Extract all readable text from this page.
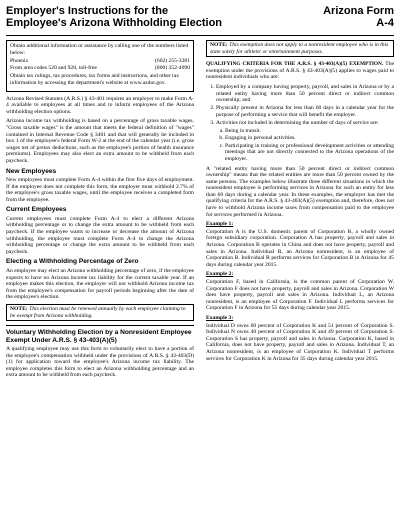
Employer's Instructions for the
Employee's Arizona Withholding Election
Arizona Form
A-4

Obtain additional information or assistance by calling one of the numbers listed below:

Phoenix	(602) 255-3381
From area codes 520 and 928, toll-free	(800) 352-4090

Obtain tax rulings, tax procedures, tax forms and instructions, and other tax information by accessing the department's website at www.azdor.gov.

Arizona Revised Statutes (A.R.S.) § 43-401 requires an employer to make Form A-4 available to employees at all times and to inform employees of the Arizona withholding election options.

Arizona income tax withholding is based on a percentage of gross taxable wages. "Gross taxable wages" is the amount that meets the federal definition of "wages" contained in Internal Revenue Code § 3401 and that will generally be included in box 1 of the employee's federal Form W-2 at the end of the calendar year (i.e. gross wages net of pretax deductions, such as the employee's portion of health insurance premiums). Employees may also elect an extra amount to be withheld from each paycheck.

New Employees

New employees must complete Form A-4 within the first five days of employment. If the employee does not complete this form, the employer must withhold 2.7% of the employee's gross taxable wages, until the employee receives a completed form from the employee.

Current Employees

Current employees must complete Form A-4 to elect a different Arizona withholding percentage or to change the extra amount to be withheld from each paycheck. If the employee wants to increase or decrease the amount of Arizona withholding, the employee must complete Form A-4 to change the Arizona withholding percentage or change the extra amount to be withheld from each paycheck.

Electing a Withholding Percentage of Zero

An employee may elect an Arizona withholding percentage of zero, if the employee expects to have no Arizona income tax liability for the current taxable year. If an employee makes this election, the employer will not withhold Arizona income tax from the employee's compensation for payroll periods beginning after the date of the employee's election.

NOTE: This election must be renewed annually by each employee claiming to be exempt from Arizona withholding.
Voluntary Withholding Election by a Nonresident Employee Exempt Under A.R.S. § 43-403(A)(5)

A qualifying employee may use this form to voluntarily elect to have a portion of the employee's compensation withheld under the provisions of A.R.S. § 43-403(D)(1) for application toward the employee's Arizona income tax liability. The employee completes this form to elect an Arizona withholding percentage and an extra amount to be withheld from each paycheck.

NOTE: This exemption does not apply to a nonresident employee who is in this state solely for athletic or entertainment purposes.

QUALIFYING CRITERIA FOR THE A.R.S. § 43-403(A)(5) EXEMPTION. The exemption under the provisions of A.R.S. § 43-403(A)(5) applies to wages paid to nonresident individuals who are:

1. Employed by a company having property, payroll, and sales in Arizona or by a related entity having more than 50 percent direct or indirect common ownership; and
2. Physically present in Arizona for less than 60 days in a calendar year for the purpose of performing a service that will benefit the employer.
3. Activities not included in determining the number of days of service are:
a. Being in transit.
b. Engaging in personal activities.
c. Participating in training or professional development activities or attending meetings that are not directly connected to the Arizona operations of the employer.

A "related entity having more than 50 percent direct or indirect common ownership" means that the related entities are more than 50 percent owned by the same persons. The examples below illustrate three different situations in which the nonresident employee is performing services in Arizona for such an entity for less than 60 days during a calendar year. In these examples, the employer has met the qualifying criteria for the A.R.S. § 43-403(A)(5) exemption and, therefore, does not have to withhold Arizona income taxes from compensation paid to the employee for services performed in Arizona.

Example 1:

Corporation A is the U.S. domestic parent of Corporation B, a wholly owned foreign subsidiary corporation. Corporation A has property, payroll and sales in Arizona. Corporation B operates in China and does not have property, payroll and sales in Arizona. Individual R, an Arizona nonresident, is an employee of Corporation B. Individual R performs services for Corporation B in Arizona for 45 days during calendar year 2015.

Example 2:

Corporation F, based in California, is the common parent of Corporation W. Corporation F does not have property, payroll and sales in Arizona. Corporation W does have property, payroll and sales in Arizona. Individual L, an Arizona nonresident, is an employee of Corporation F. Individual L performs services for Corporation F in Arizona for 55 days during calendar year 2015.

Example 3:

Individual D owns 60 percent of Corporation K and 51 percent of Corporation S. Individual N owns 40 percent of Corporation K and 49 percent of Corporation S. Corporation S has property, payroll and sales in Arizona. Corporation K, based in California, does not have property, payroll and sales in Arizona. Individual T, an Arizona nonresident, is an employee of Corporation K. Individual T performs services for Corporation K in Arizona for 35 days during calendar year 2015.
